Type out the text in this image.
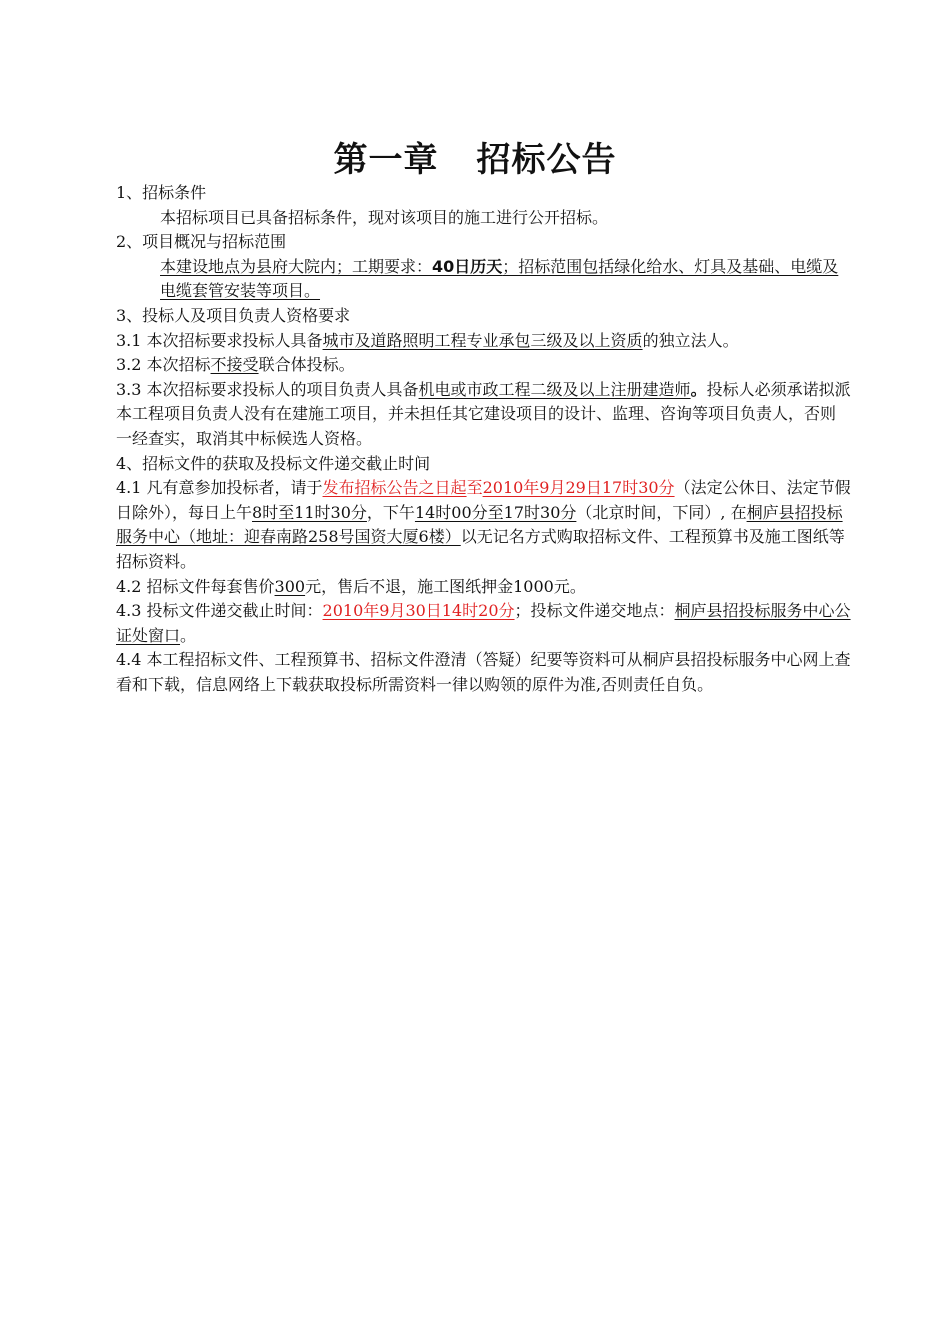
第一章 招标公告

1、招标条件

本招标项目已具备招标条件，现对该项目的施工进行公开招标。

2、项目概况与招标范围

本建设地点为县府大院内；工期要求：40日历天；招标范围包括绿化给水、灯具及基础、电缆及电缆套管安装等项目。

3、投标人及项目负责人资格要求

3.1 本次招标要求投标人具备城市及道路照明工程专业承包三级及以上资质的独立法人。

3.2 本次招标不接受联合体投标。

3.3 本次招标要求投标人的项目负责人具备机电或市政工程二级及以上注册建造师。投标人必须承诺拟派本工程项目负责人没有在建施工项目，并未担任其它建设项目的设计、监理、咨询等项目负责人，否则一经查实，取消其中标候选人资格。

4、招标文件的获取及投标文件递交截止时间

4.1 凡有意参加投标者，请于发布招标公告之日起至2010年9月29日17时30分（法定公休日、法定节假日除外），每日上午8时至11时30分，下午14时00分至17时30分（北京时间，下同）, 在桐庐县招投标服务中心（地址：迎春南路258号国资大厦6楼）以无记名方式购取招标文件、工程预算书及施工图纸等招标资料。

4.2 招标文件每套售价300元，售后不退，施工图纸押金1000元。

4.3 投标文件递交截止时间：2010年9月30日14时20分；投标文件递交地点：桐庐县招投标服务中心公证处窗口。

4.4 本工程招标文件、工程预算书、招标文件澄清（答疑）纪要等资料可从桐庐县招投标服务中心网上查看和下载，信息网络上下载获取投标所需资料一律以购领的原件为准,否则责任自负。
